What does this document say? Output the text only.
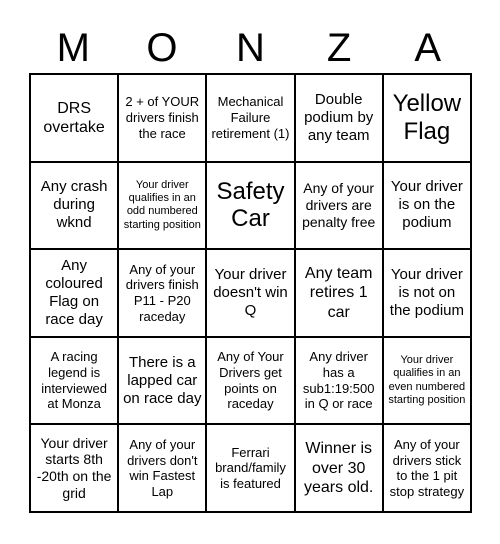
M	O	N	Z	A
DRS overtake
2 + of YOUR drivers finish the race
Mechanical Failure retirement (1)
Double podium by any team
Yellow Flag
Any crash during wknd
Your driver qualifies in an odd numbered starting position
Safety Car
Any of your drivers are penalty free
Your driver is on the podium
Any coloured Flag on race day
Any of your drivers finish P11 - P20 raceday
Your driver doesn't win Q
Any team retires 1 car
Your driver is not on the podium
A racing legend is interviewed at Monza
There is a lapped car on race day
Any of Your Drivers get points on raceday
Any driver has a sub1:19:500 in Q or race
Your driver qualifies in an even numbered starting position
Your driver starts 8th -20th on the grid
Any of your drivers don't win Fastest Lap
Ferrari brand/family is featured
Winner is over 30 years old.
Any of your drivers stick to the 1 pit stop strategy
